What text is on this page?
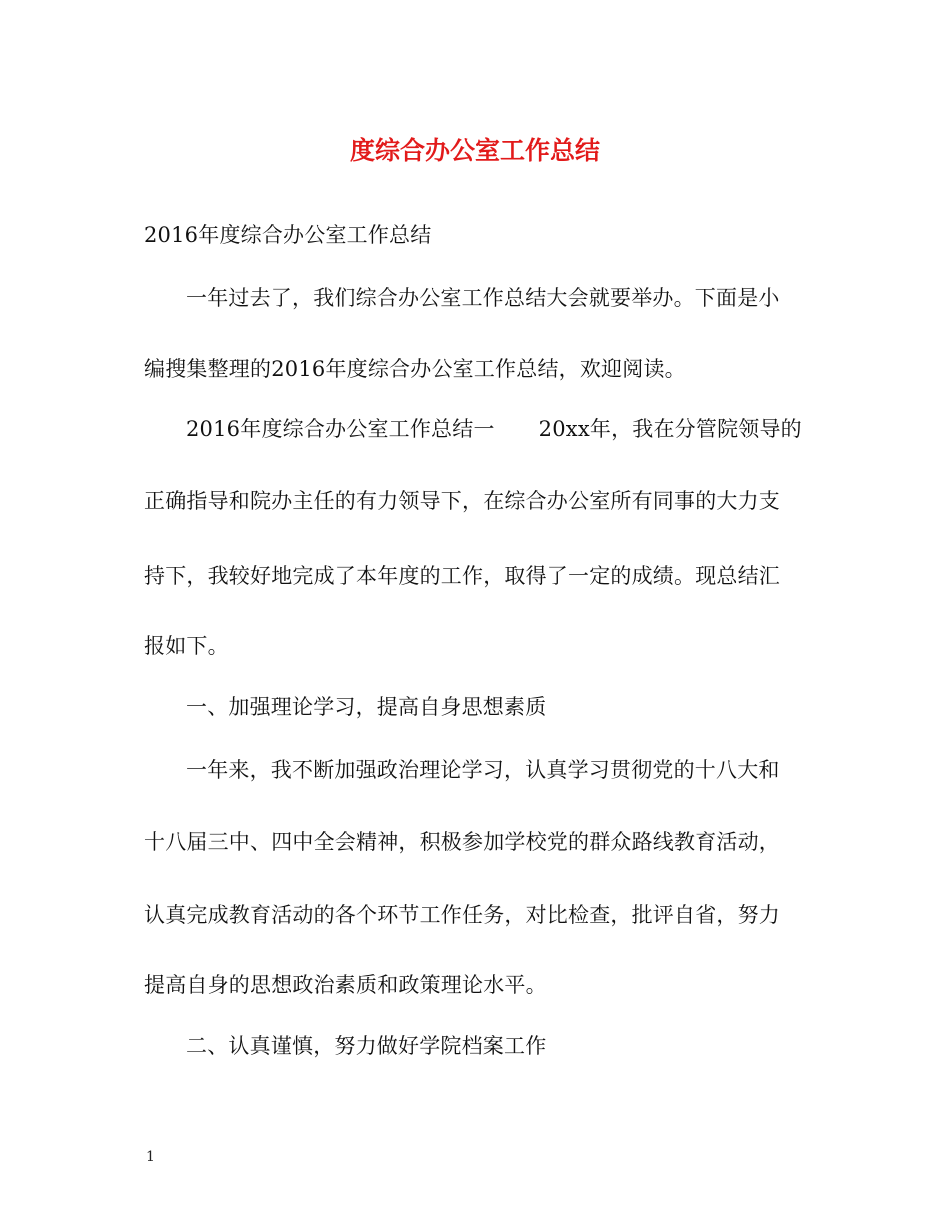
度综合办公室工作总结
2016年度综合办公室工作总结
一年过去了，我们综合办公室工作总结大会就要举办。下面是小
编搜集整理的2016年度综合办公室工作总结，欢迎阅读。
2016年度综合办公室工作总结一 20xx年，我在分管院领导的
正确指导和院办主任的有力领导下，在综合办公室所有同事的大力支
持下，我较好地完成了本年度的工作，取得了一定的成绩。现总结汇
报如下。
一、加强理论学习，提高自身思想素质
一年来，我不断加强政治理论学习，认真学习贯彻党的十八大和
十八届三中、四中全会精神，积极参加学校党的群众路线教育活动，
认真完成教育活动的各个环节工作任务，对比检查，批评自省，努力
提高自身的思想政治素质和政策理论水平。
二、认真谨慎，努力做好学院档案工作
1
